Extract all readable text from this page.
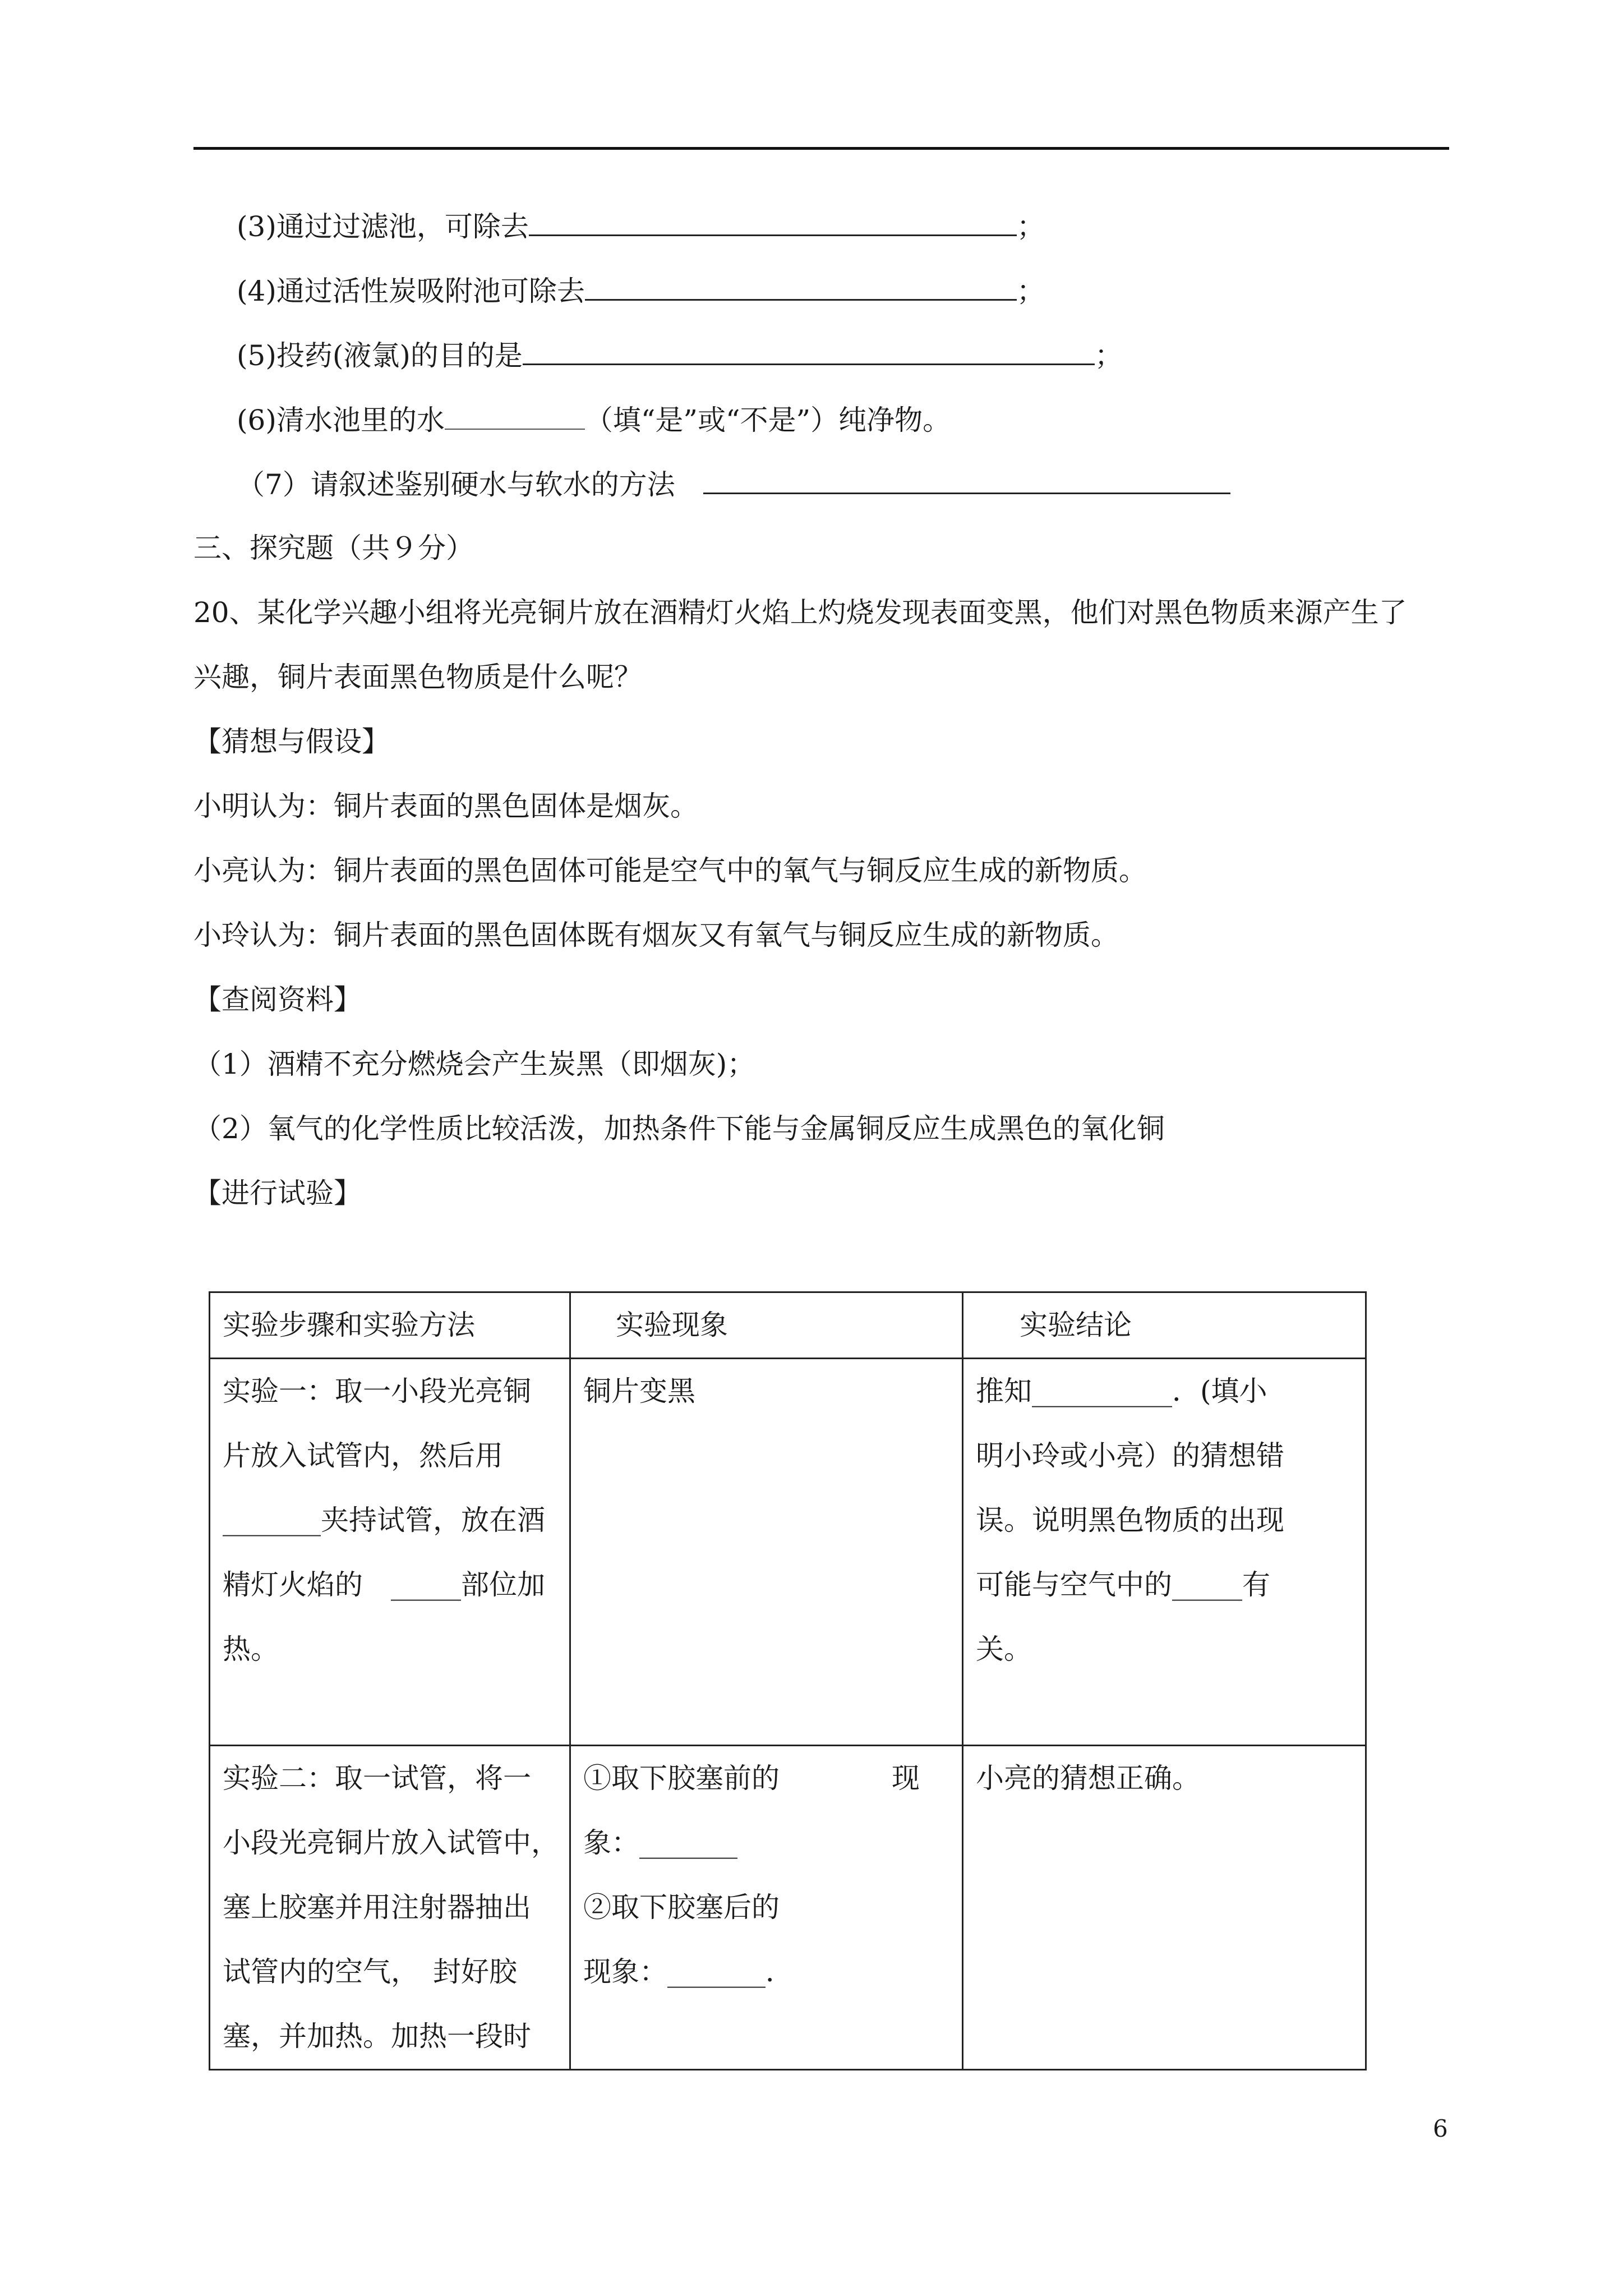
(3)通过过滤池，可除去	；
(4)通过活性炭吸附池可除去	；
(5)投药(液氯)的目的是	；
(6)清水池里的水	（填“是”或“不是”）纯净物。
（7）请叙述鉴别硬水与软水的方法　
三、探究题（共９分）
20、某化学兴趣小组将光亮铜片放在酒精灯火焰上灼烧发现表面变黑，他们对黑色物质来源产生了
兴趣，铜片表面黑色物质是什么呢？
【猜想与假设】
小明认为：铜片表面的黑色固体是烟灰。
小亮认为：铜片表面的黑色固体可能是空气中的氧气与铜反应生成的新物质。
小玲认为：铜片表面的黑色固体既有烟灰又有氧气与铜反应生成的新物质。
【查阅资料】
（1）酒精不充分燃烧会产生炭黑（即烟灰)；
（2）氧气的化学性质比较活泼，加热条件下能与金属铜反应生成黑色的氧化铜
【进行试验】
实验步骤和实验方法	实验现象	实验结论

实验一：取一小段光亮铜
片放入试管内，然后用
_______夹持试管，放在酒
精灯火焰的　_____部位加
热。	铜片变黑	推知__________．(填小
明小玲或小亮）的猜想错
误。说明黑色物质的出现
可能与空气中的_____有
关。

实验二：取一试管，将一
小段光亮铜片放入试管中，
塞上胶塞并用注射器抽出
试管内的空气，　封好胶
塞，并加热。加热一段时	①取下胶塞前的　　　　现
象：_______
②取下胶塞后的
现象：_______．	小亮的猜想正确。
6
